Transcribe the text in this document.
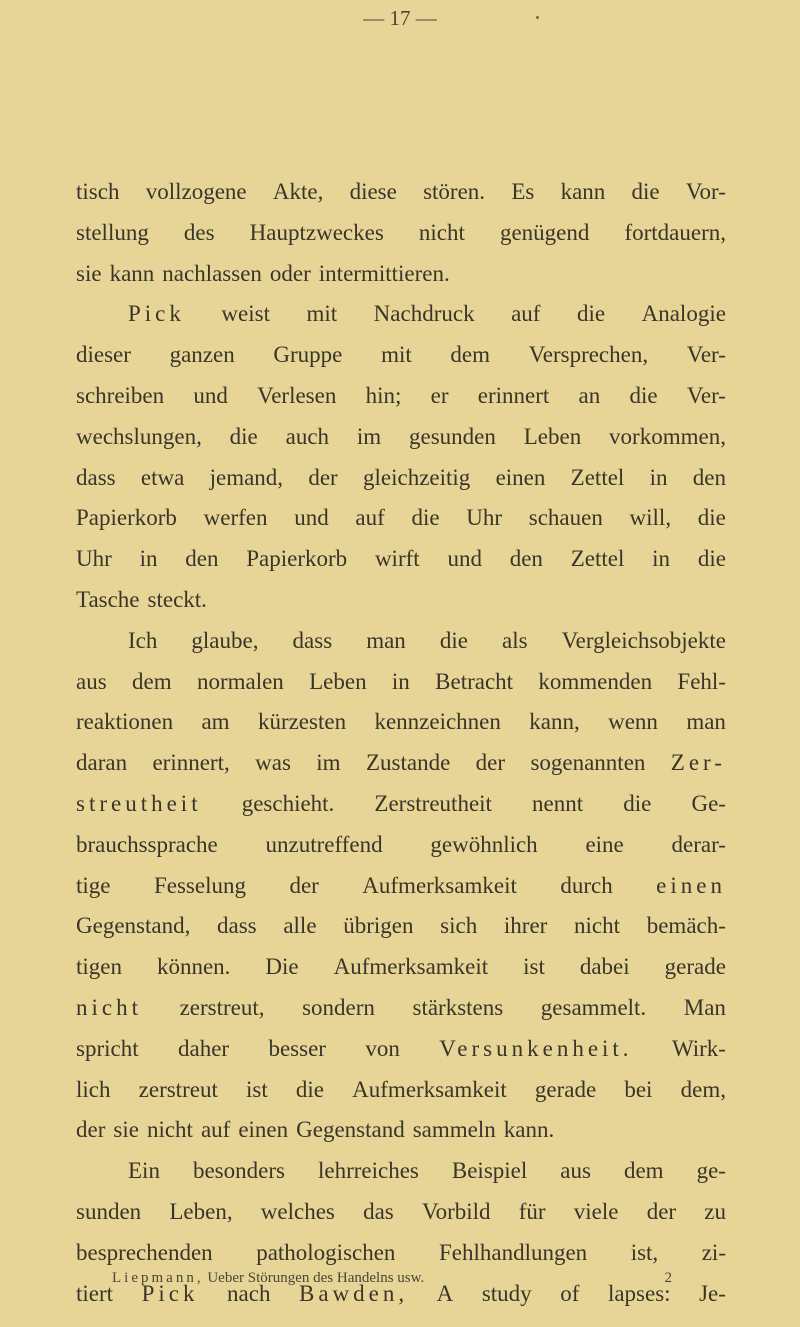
— 17 —
tisch vollzogene Akte, diese stören. Es kann die Vor-
stellung des Hauptzweckes nicht genügend fortdauern,
sie kann nachlassen oder intermittieren.
Pick weist mit Nachdruck auf die Analogie
dieser ganzen Gruppe mit dem Versprechen, Ver-
schreiben und Verlesen hin; er erinnert an die Ver-
wechslungen, die auch im gesunden Leben vorkommen,
dass etwa jemand, der gleichzeitig einen Zettel in den
Papierkorb werfen und auf die Uhr schauen will, die
Uhr in den Papierkorb wirft und den Zettel in die
Tasche steckt.
Ich glaube, dass man die als Vergleichsobjekte
aus dem normalen Leben in Betracht kommenden Fehl-
reaktionen am kürzesten kennzeichnen kann, wenn man
daran erinnert, was im Zustande der sogenannten Zer-
streutheit geschieht. Zerstreutheit nennt die Ge-
brauchssprache unzutreffend gewöhnlich eine derar-
tige Fesselung der Aufmerksamkeit durch einen
Gegenstand, dass alle übrigen sich ihrer nicht bemäch-
tigen können. Die Aufmerksamkeit ist dabei gerade
nicht zerstreut, sondern stärkstens gesammelt. Man
spricht daher besser von Versunkenheit. Wirk-
lich zerstreut ist die Aufmerksamkeit gerade bei dem,
der sie nicht auf einen Gegenstand sammeln kann.
Ein besonders lehrreiches Beispiel aus dem ge-
sunden Leben, welches das Vorbild für viele der zu
besprechenden pathologischen Fehlhandlungen ist, zi-
tiert Pick nach Bawden, A study of lapses: Je-
Liepmann, Ueber Störungen des Handelns usw.	2
